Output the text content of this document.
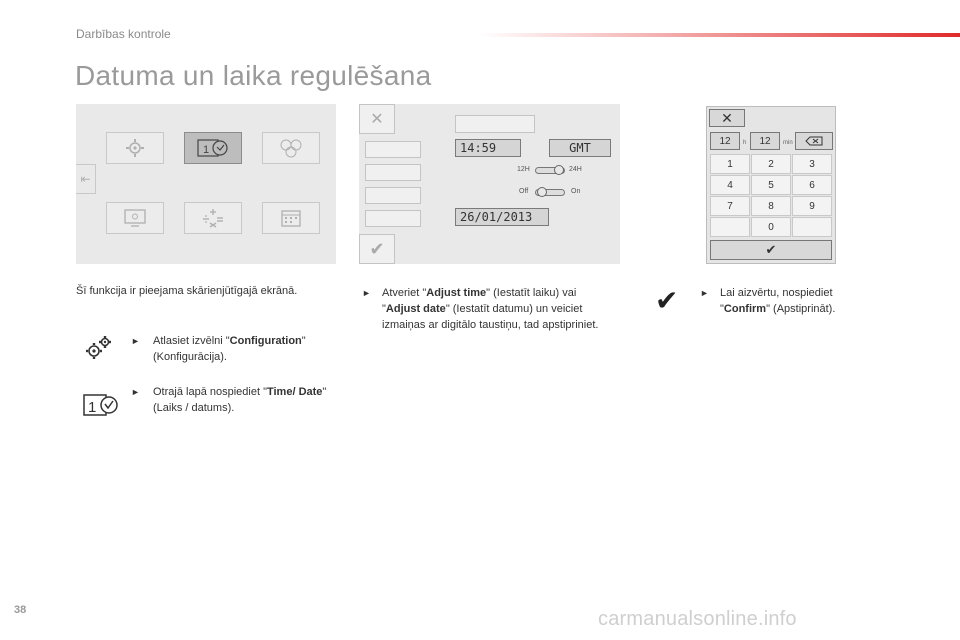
Darbības kontrole
Datuma un laika regulēšana
⇤
1
✕
✔
14:59	GMT
12H	24H
Off	On
26/01/2013
✕
12	h	12	min
1	2	3
4	5	6
7	8	9
0
✔
Šī funkcija ir pieejama skārienjūtīgajā ekrānā.
► Atlasiet izvēlni "Configuration" (Konfigurācija).
1
► Otrajā lapā nospiediet "Time/ Date" (Laiks / datums).
► Atveriet "Adjust time" (Iestatīt laiku) vai "Adjust date" (Iestatīt datumu) un veiciet izmaiņas ar digitālo taustiņu, tad apstipriniet.
✔ ► Lai aizvērtu, nospiediet "Confirm" (Apstiprināt).
38	carmanualsonline.info
